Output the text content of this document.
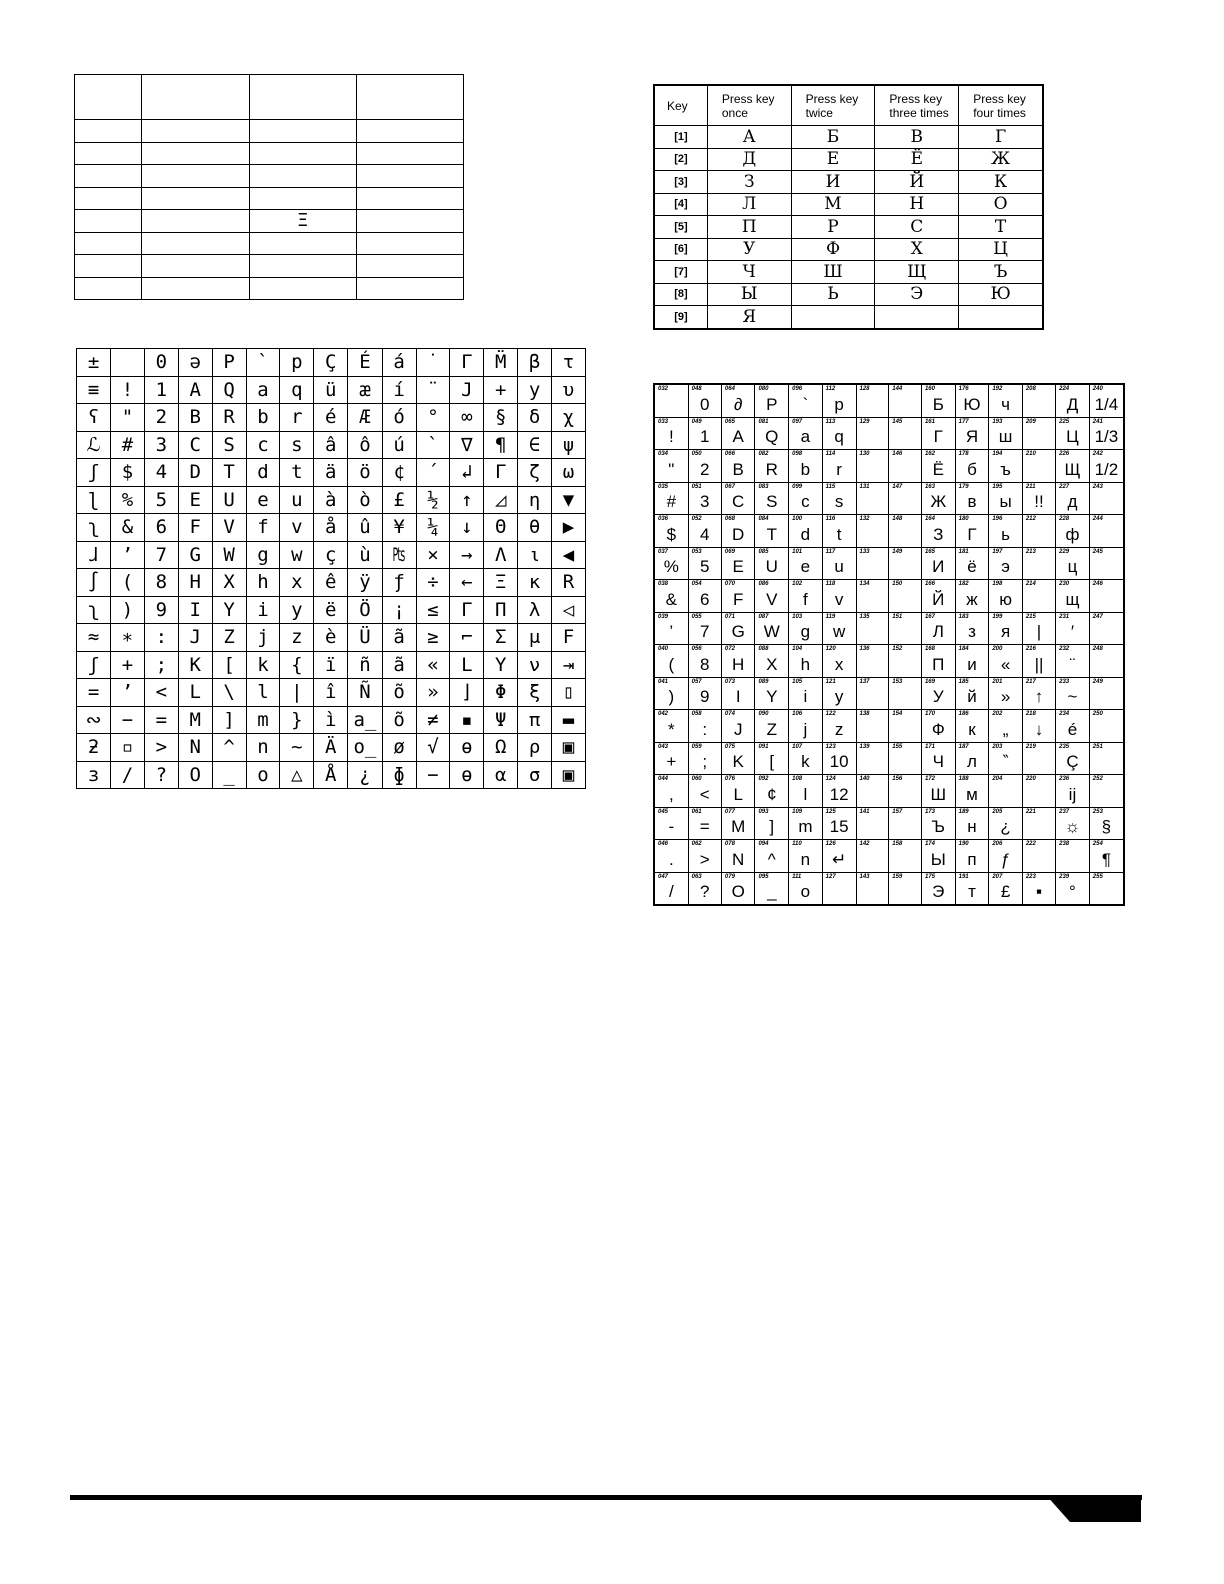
		Ξ	

Key	Press key once	Press key twice	Press key three times	Press key four times
[1]	А	Б	В	Г
[2]	Д	Е	Ё	Ж
[3]	З	И	Й	К
[4]	Л	М	Н	О
[5]	П	Р	С	Т
[6]	У	Ф	Х	Ц
[7]	Ч	Ш	Щ	Ъ
[8]	Ы	Ь	Э	Ю
[9]	Я			
±		0	ə	P	`	p	Ç	É	á	˙	Γ	M̈	β	τ
≡	!	1	A	Q	a	q	ü	æ	í	¨	J	+	y	υ
ʕ	"	2	B	R	b	r	é	Æ	ó	°	∞	§	δ	χ
ℒ	#	3	C	S	c	s	â	ô	ú	`	∇	¶	∈	ψ
ʃ	$	4	D	T	d	t	ä	ö	¢	´	↲	Γ	ζ	ω
ɭ	%	5	E	U	e	u	à	ò	£	½	↑	◿	η	▼
ʅ	&	6	F	V	f	v	å	û	¥	¼	↓	Θ	θ	▶
ɺ	’	7	G	W	g	w	ç	ù	₧	×	→	Λ	ι	◀
∫	(	8	H	X	h	x	ê	ÿ	ƒ	÷	←	Ξ	κ	R
ʅ	)	9	I	Y	i	y	ë	Ö	¡	≤	Γ	Π	λ	◁
≈	∗	:	J	Z	j	z	è	Ü	ã	≥	⌐	Σ	μ	F
ʃ	+	;	K	[	k	{	ï	ñ	ã	«	L	Υ	ν	⇥
=	’	<	L	\	l	|	î	Ñ	õ	»	⌋	Φ	ξ	▯
∾	−	=	M	]	m	}	ì	a̲	õ	≠	▪	Ψ	π	▬
ƻ	▫	>	N	^	n	~	Ä	o̲	ø	√	ɵ	Ω	ρ	▣
ɜ	/	?	O	_	o	△	Å	¿	ɸ	−	ɵ	α	σ	▣
032	048
0	064
∂	080
P	096
`	112
p	128	144	160
Б	176
Ю	192
ч	208	224
Д	240
1/4

033
!	049
1	065
A	081
Q	097
a	113
q	129	145	161
Г	177
Я	193
ш	209	225
Ц	241
1/3

034
"	050
2	066
B	082
R	098
b	114
r	130	146	162
Ё	178
б	194
ъ	210	226
Щ	242
1/2

035
#	051
3	067
C	083
S	099
c	115
s	131	147	163
Ж	179
в	195
ы	211
!!	227
д	243

036
$	052
4	068
D	084
T	100
d	116
t	132	148	164
З	180
Г	196
ь	212	228
ф	244

037
%	053
5	069
E	085
U	101
e	117
u	133	149	165
И	181
ё	197
э	213	229
ц	245

038
&	054
6	070
F	086
V	102
f	118
v	134	150	166
Й	182
ж	198
ю	214	230
щ	246

039
’	055
7	071
G	087
W	103
g	119
w	135	151	167
Л	183
з	199
я	215
|	231
′	247

040
(	056
8	072
H	088
X	104
h	120
x	136	152	168
П	184
и	200
«	216
||	232
¨	248

041
)	057
9	073
I	089
Y	105
i	121
y	137	153	169
У	185
й	201
»	217
↑	233
~	249

042
*	058
:	074
J	090
Z	106
j	122
z	138	154	170
Ф	186
к	202
„	218
↓	234
é	250

043
+	059
;	075
K	091
[	107
k	123
10	139	155	171
Ч	187
л	203
‶	219	235
Ç	251

044
,	060
<	076
L	092
¢	108
l	124
12	140	156	172
Ш	188
м	204	220	236
ij	252

045
-	061
=	077
M	093
]	109
m	125
15	141	157	173
Ъ	189
н	205
¿	221	237
☼	253
§

046
.	062
>	078
N	094
^	110
n	126
↵	142	158	174
Ы	190
п	206
ƒ	222	238	254
¶

047
/	063
?	079
O	095
_	111
o	127	143	159	175
Э	191
т	207
£	223
▪	239
°	255
